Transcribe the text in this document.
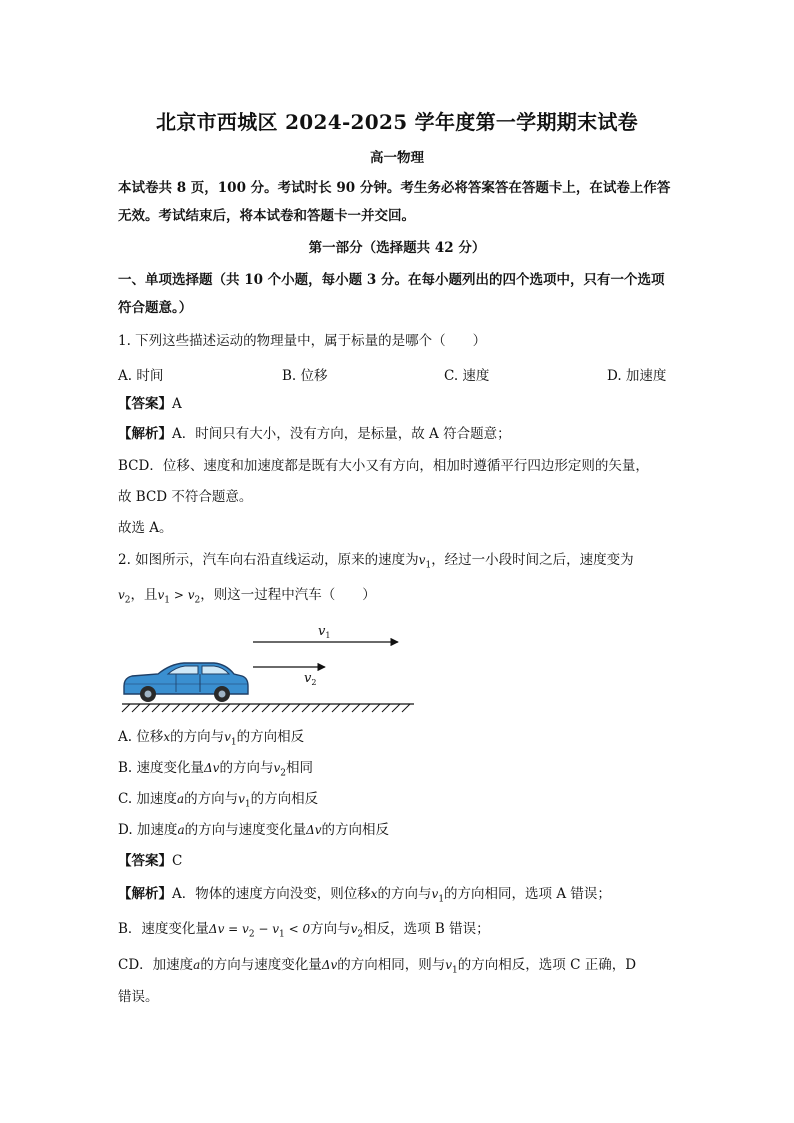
北京市西城区 2024-2025 学年度第一学期期末试卷
高一物理
本试卷共 8 页，100 分。考试时长 90 分钟。考生务必将答案答在答题卡上，在试卷上作答
无效。考试结束后，将本试卷和答题卡一并交回。
第一部分（选择题共 42 分）
一、单项选择题（共 10 个小题，每小题 3 分。在每小题列出的四个选项中，只有一个选项
符合题意。）
1. 下列这些描述运动的物理量中，属于标量的是哪个（　　）
A. 时间	B. 位移	C. 速度	D. 加速度
【答案】A
【解析】A．时间只有大小，没有方向，是标量，故 A 符合题意；
BCD．位移、速度和加速度都是既有大小又有方向，相加时遵循平行四边形定则的矢量，
故 BCD 不符合题意。
故选 A。
2. 如图所示，汽车向右沿直线运动，原来的速度为$v_1$，经过一小段时间之后，速度变为
$v_2$，且$v_1 > v_2$，则这一过程中汽车（　　）
$v_1$
$v_2$
A. 位移x的方向与$v_1$的方向相反
B. 速度变化量Δv的方向与$v_2$相同
C. 加速度a的方向与$v_1$的方向相反
D. 加速度a的方向与速度变化量Δv的方向相反
【答案】C
【解析】A．物体的速度方向没变，则位移x的方向与$v_1$的方向相同，选项 A 错误；
B．速度变化量$\Delta v = v_2 - v_1 < 0$方向与$v_2$相反，选项 B 错误；
CD．加速度a的方向与速度变化量Δv的方向相同，则与$v_1$的方向相反，选项 C 正确，D
错误。
